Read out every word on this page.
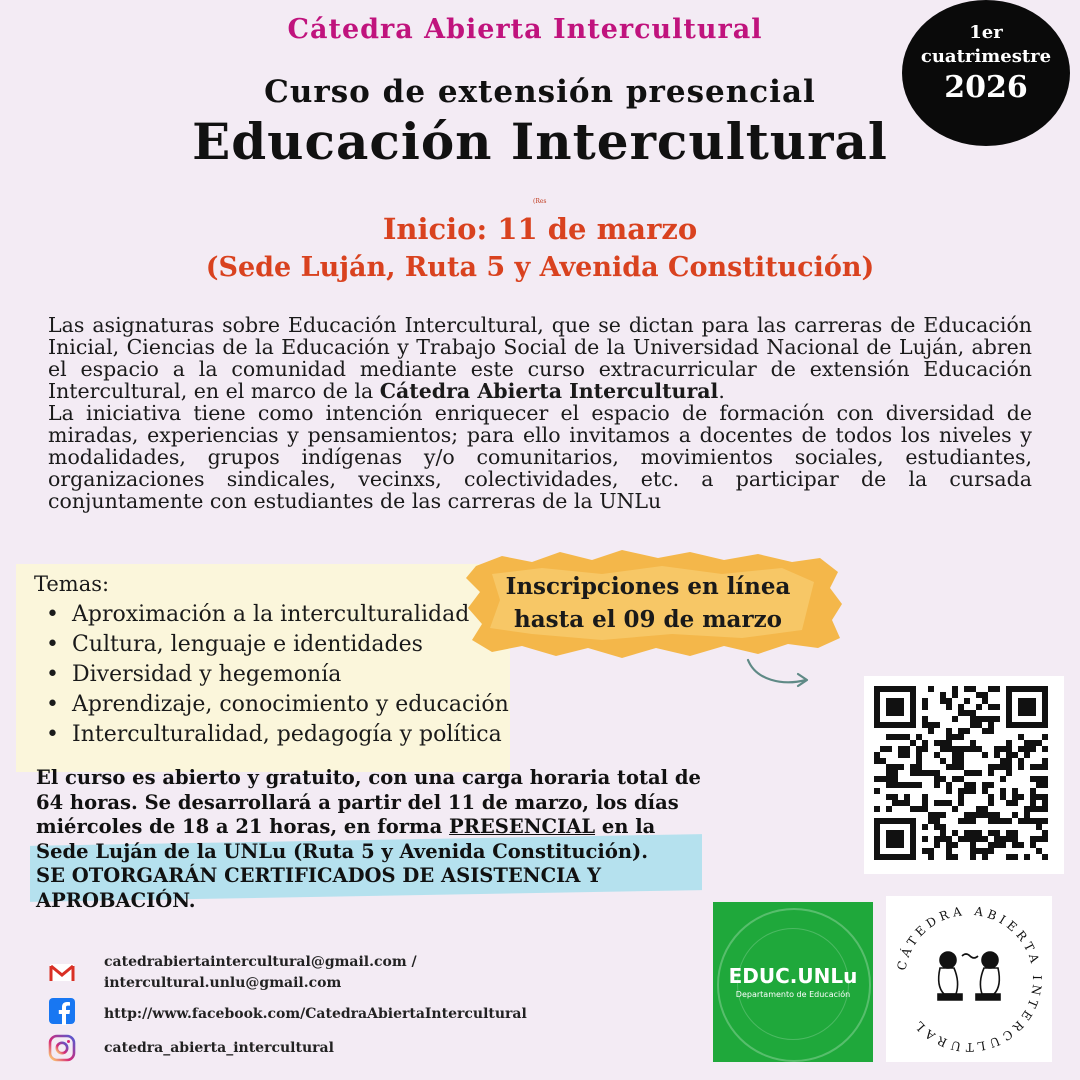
Cátedra Abierta Intercultural
Curso de extensión presencial
Educación Intercultural
(Res
Inicio: 11 de marzo
(Sede Luján, Ruta 5 y Avenida Constitución)
1er
cuatrimestre
2026

Las asignaturas sobre Educación Intercultural, que se dictan para las carreras de Educación Inicial, Ciencias de la Educación y Trabajo Social de la Universidad Nacional de Luján, abren el espacio a la comunidad mediante este curso extracurricular de extensión Educación Intercultural, en el marco de la Cátedra Abierta Intercultural.

La iniciativa tiene como intención enriquecer el espacio de formación con diversidad de miradas, experiencias y pensamientos; para ello invitamos a docentes de todos los niveles y modalidades, grupos indígenas y/o comunitarios, movimientos sociales, estudiantes, organizaciones sindicales, vecinxs, colectividades, etc. a participar de la cursada conjuntamente con estudiantes de las carreras de la UNLu

Temas:
• Aproximación a la interculturalidad
• Cultura, lenguaje e identidades
• Diversidad y hegemonía
• Aprendizaje, conocimiento y educación
• Interculturalidad, pedagogía y política
Inscripciones en línea
hasta el 09 de marzo
El curso es abierto y gratuito, con una carga horaria total de 64 horas. Se desarrollará a partir del 11 de marzo, los días miércoles de 18 a 21 horas, en forma PRESENCIAL en la Sede Luján de la UNLu (Ruta 5 y Avenida Constitución).
SE OTORGARÁN CERTIFICADOS DE ASISTENCIA Y APROBACIÓN.
EDUC.UNLu
Departamento de Educación
CÁTEDRA ABIERTA INTERCULTURAL
catedrabiertaintercultural@gmail.com /
intercultural.unlu@gmail.com
http://www.facebook.com/CatedraAbiertaIntercultural
catedra_abierta_intercultural
